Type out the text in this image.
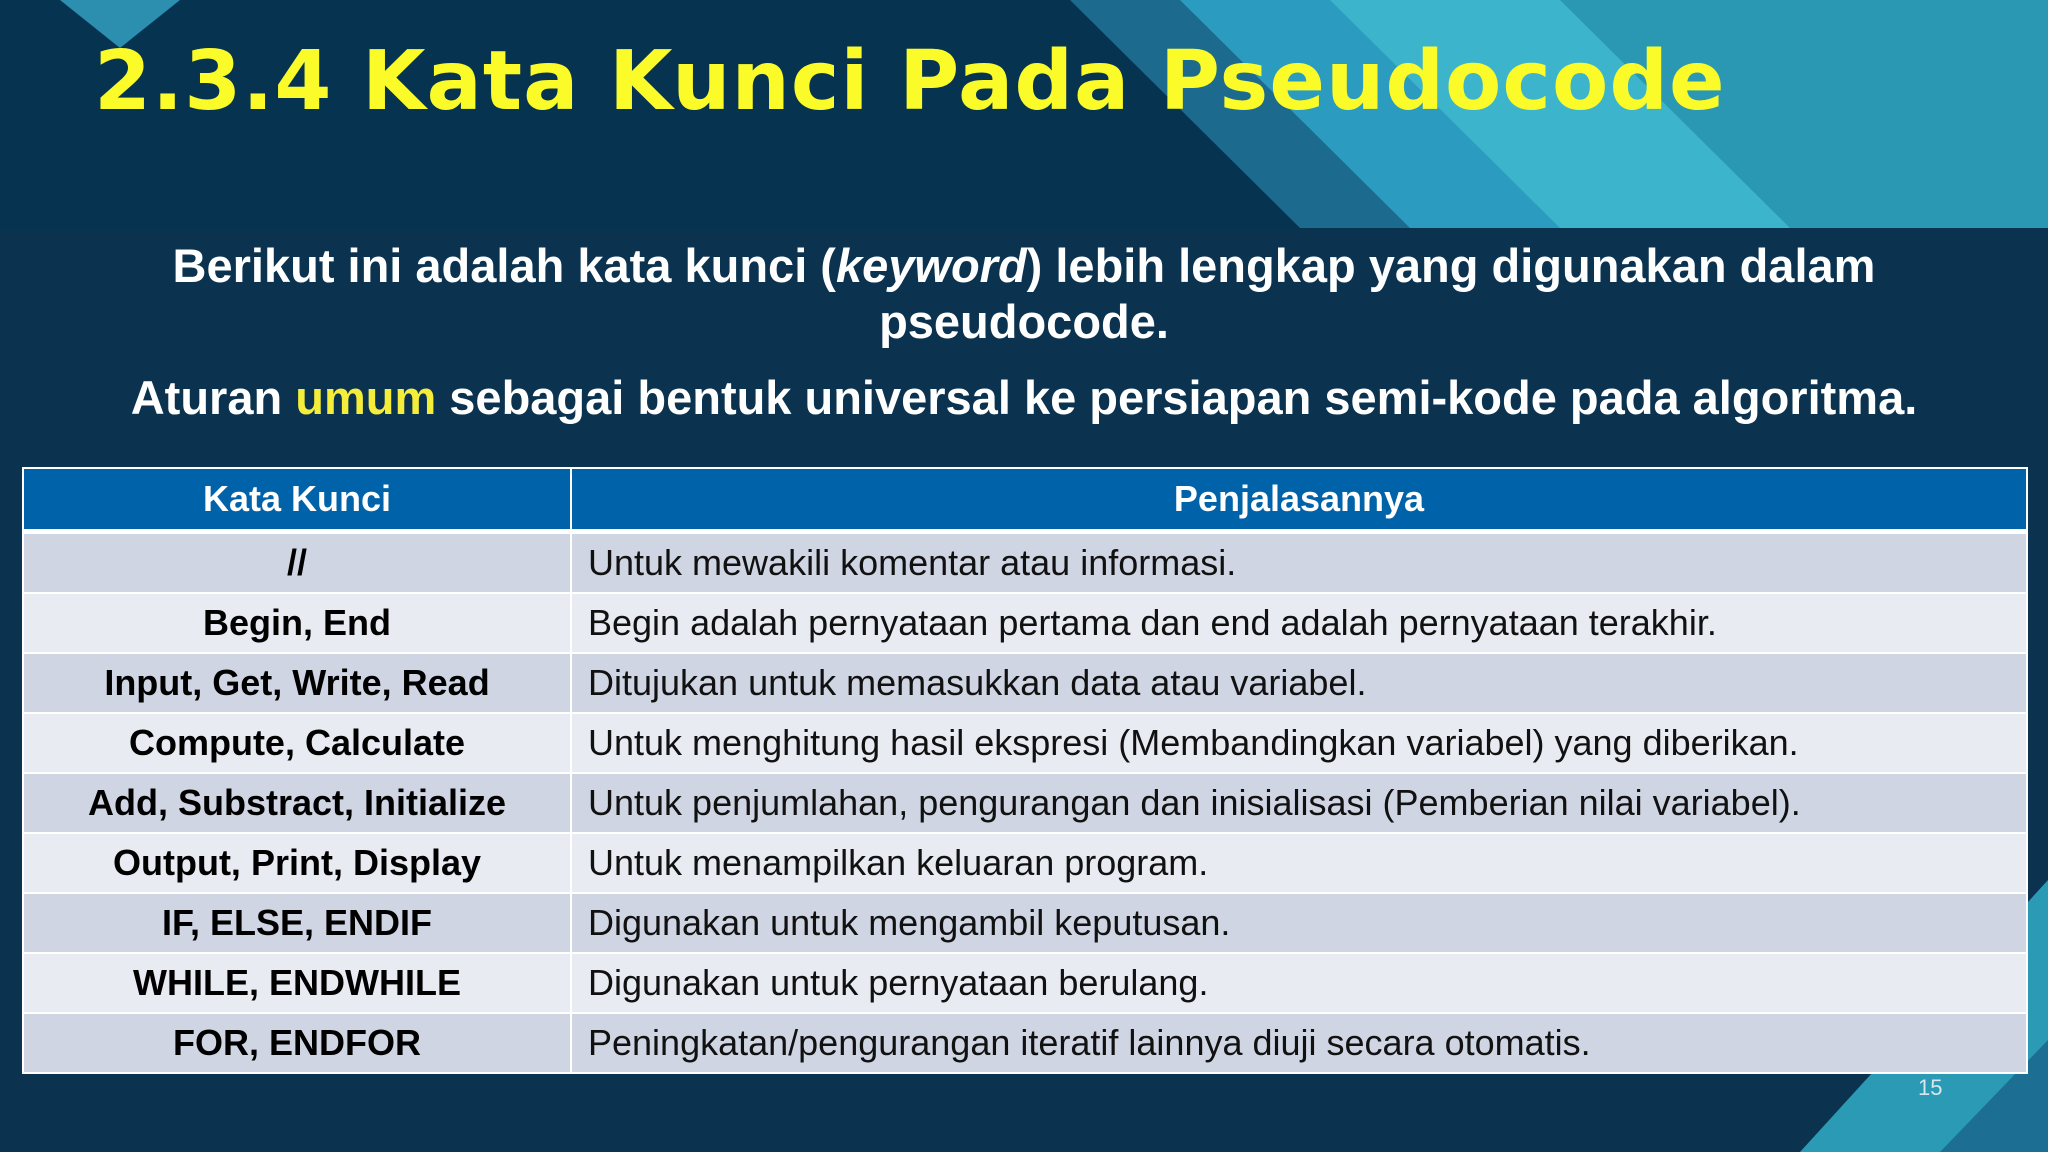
2.3.4 Kata Kunci Pada Pseudocode

Berikut ini adalah kata kunci (keyword) lebih lengkap yang digunakan dalam pseudocode.

Aturan umum sebagai bentuk universal ke persiapan semi-kode pada algoritma.

Kata Kunci	Penjalasannya
//	Untuk mewakili komentar atau informasi.
Begin, End	Begin adalah pernyataan pertama dan end adalah pernyataan terakhir.
Input, Get, Write, Read	Ditujukan untuk memasukkan data atau variabel.
Compute, Calculate	Untuk menghitung hasil ekspresi (Membandingkan variabel) yang diberikan.
Add, Substract, Initialize	Untuk penjumlahan, pengurangan dan inisialisasi (Pemberian nilai variabel).
Output, Print, Display	Untuk menampilkan keluaran program.
IF, ELSE, ENDIF	Digunakan untuk mengambil keputusan.
WHILE, ENDWHILE	Digunakan untuk pernyataan berulang.
FOR, ENDFOR	Peningkatan/pengurangan iteratif lainnya diuji secara otomatis.
15
